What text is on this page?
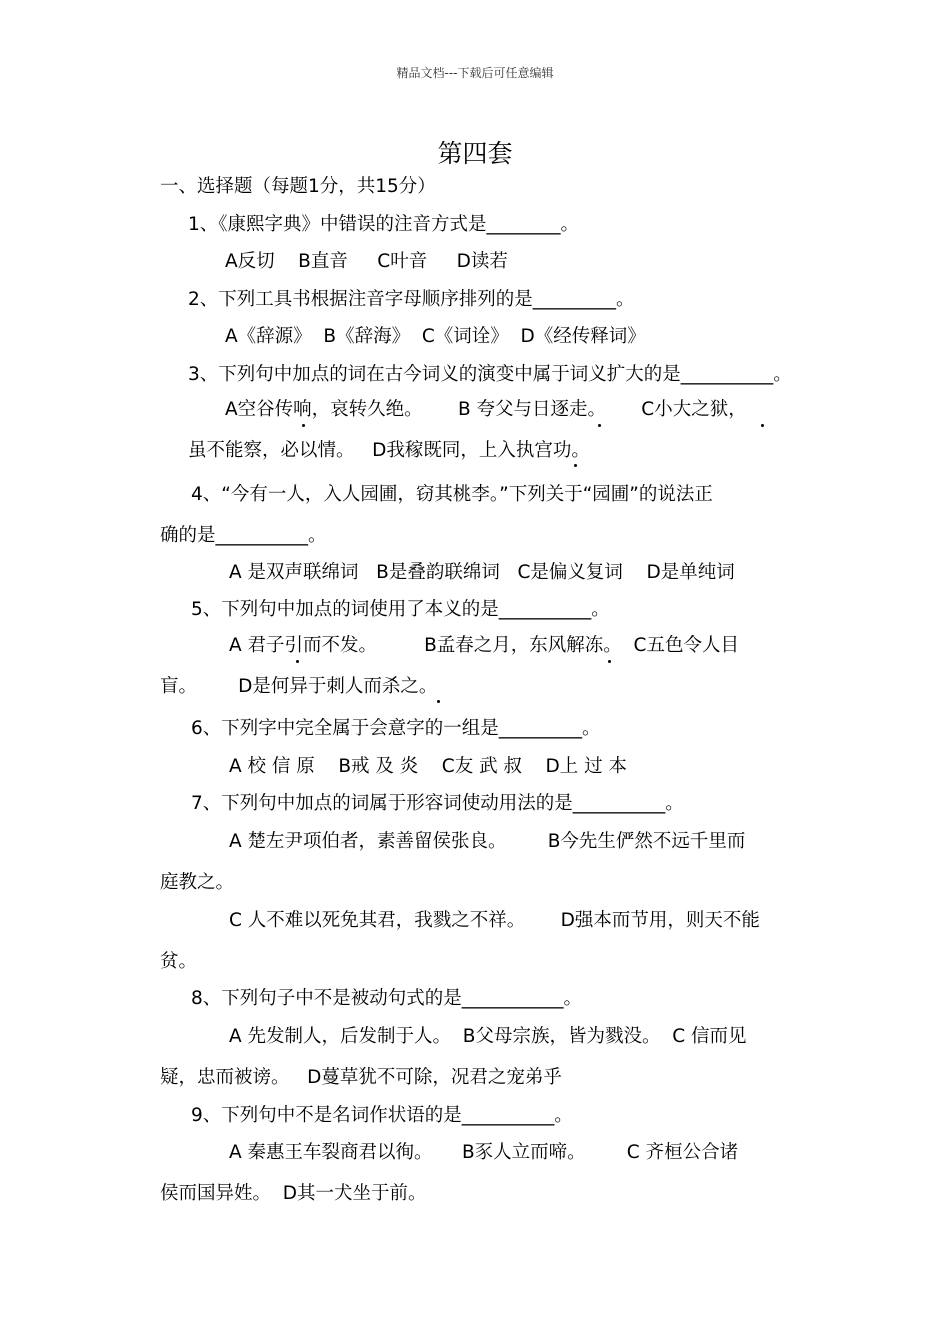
精品文档---下载后可任意编辑
第四套
一、选择题（每题1分，共15分）
1、《康熙字典》中错误的注音方式是________。
A反切    B直音     C叶音     D读若
2、下列工具书根据注音字母顺序排列的是_________。
A《辞源》  B《辞海》  C《词诠》  D《经传释词》
3、下列句中加点的词在古今词义的演变中属于词义扩大的是__________。
A空谷传响，哀转久绝。      B 夸父与日逐走。      C小大之狱，
虽不能察，必以情。   D我稼既同，上入执宫功。
4、“今有一人，入人园圃，窃其桃李。”下列关于“园圃”的说法正
确的是__________。
A 是双声联绵词   B是叠韵联绵词   C是偏义复词    D是单纯词
5、下列句中加点的词使用了本义的是__________。
A 君子引而不发。        B孟春之月，东风解冻。  C五色令人目
盲。       D是何异于刺人而杀之。
6、下列字中完全属于会意字的一组是_________。
A 校 信 原    B戒 及 炎    C友 武 叔    D上 过 本
7、下列句中加点的词属于形容词使动用法的是__________。
A 楚左尹项伯者，素善留侯张良。       B今先生俨然不远千里而
庭教之。
C 人不难以死免其君，我戮之不祥。      D强本而节用，则天不能
贫。
8、下列句子中不是被动句式的是___________。
A 先发制人，后发制于人。  B父母宗族，皆为戮没。  C 信而见
疑，忠而被谤。   D蔓草犹不可除，况君之宠弟乎
9、下列句中不是名词作状语的是__________。
A 秦惠王车裂商君以徇。     B豕人立而啼。       C 齐桓公合诸
侯而国异姓。  D其一犬坐于前。
